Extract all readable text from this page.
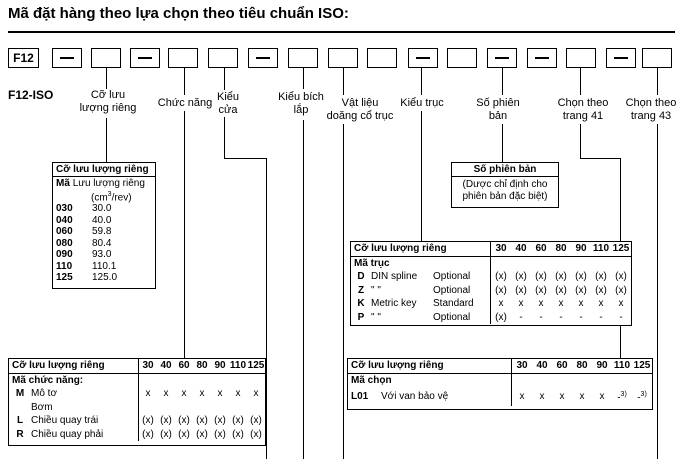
Mã đặt hàng theo lựa chọn theo tiêu chuẩn ISO:
F12
F12-ISO	Cỡ lưu
lượng riêng	Chức năng Kiểu
cửa
Kiểu bích
lắp
Vật liệu
doăng cổ trục
Kiểu trục	Số phiên
bản
Chọn theo
trang 41
Chọn theo
trang 43
Cỡ lưu lượng riêng
Mã Lưu lượng riêng
$(cm^3/rev)$
030	30.0
040	40.0
060	59.8
080	80.4
090	93.0
110	110.1
125	125.0
Số phiên bản
(Dược chỉ định cho
phiên bản đặc biệt)
Cỡ lưu lượng riêng			30	40	60	80	90	110	125
Mã trục									
D	DIN spline	Optional	(x)	(x)	(x)	(x)	(x)	(x)	(x)
Z	" "	Optional	(x)	(x)	(x)	(x)	(x)	(x)	(x)
K	Metric key	Standard	x	x	x	x	x	x	x
P	" "	Optional	(x)	-	-	-	-	-	-
Cỡ lưu lượng riêng		30	40	60	80	90	110	125
Mã chức năng:								
M	Mô tơ	x	x	x	x	x	x	x
	Bơm							
L	Chiều quay trái	(x)	(x)	(x)	(x)	(x)	(x)	(x)
R	Chiều quay phải	(x)	(x)	(x)	(x)	(x)	(x)	(x)
Cỡ lưu lượng riêng		30	40	60	80	90	110	125
Mã chọn								
L01	Với van bảo vệ	x	x	x	x	x	-$^{3)}$	-$^{3)}$
